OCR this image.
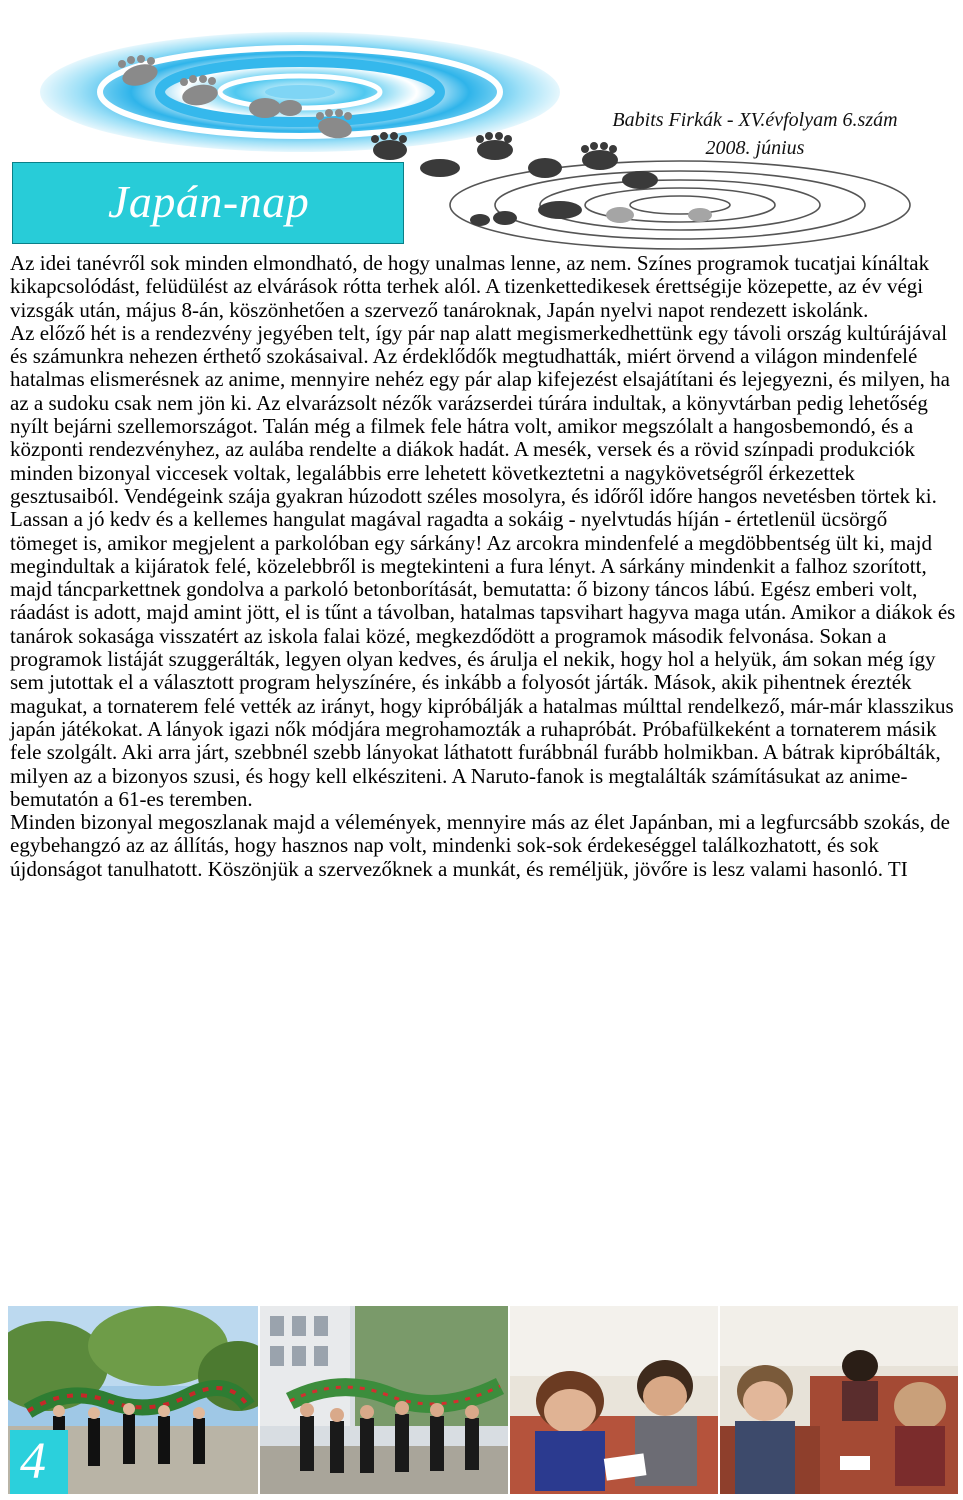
Babits Firkák - XV.évfolyam 6.szám
2008. június
Japán-nap

Az idei tanévről sok minden elmondható, de hogy unalmas lenne, az nem. Színes programok tucatjai kínáltak kikapcsolódást, felüdülést az elvárások rótta terhek alól. A tizenkettedikesek érettségije közepette, az év végi vizsgák után, május 8-án, köszönhetően a szervező tanároknak, Japán nyelvi napot rendezett iskolánk.

Az előző hét is a rendezvény jegyében telt, így pár nap alatt megismerkedhettünk egy távoli ország kultúrájával és számunkra nehezen érthető szokásaival. Az érdeklődők megtudhatták, miért örvend a világon mindenfelé hatalmas elismerésnek az anime, mennyire nehéz egy pár alap kifejezést elsajátítani és lejegyezni, és milyen, ha az a sudoku csak nem jön ki. Az elvarázsolt nézők varázserdei túrára indultak, a könyvtárban pedig lehetőség nyílt bejárni szellemországot. Talán még a filmek fele hátra volt, amikor megszólalt a hangosbemondó, és a központi rendezvényhez, az aulába rendelte a diákok hadát. A mesék, versek és a rövid színpadi produkciók minden bizonyal viccesek voltak, legalábbis erre lehetett következtetni a nagykövetségről érkezettek gesztusaiból. Vendégeink szája gyakran húzodott széles mosolyra, és időről időre hangos nevetésben törtek ki. Lassan a jó kedv és a kellemes hangulat magával ragadta a sokáig - nyelvtudás híján - értetlenül ücsörgő tömeget is, amikor megjelent a parkolóban egy sárkány! Az arcokra mindenfelé a megdöbbentség ült ki, majd megindultak a kijáratok felé, közelebbről is megtekinteni a fura lényt. A sárkány mindenkit a falhoz szorított, majd táncparkettnek gondolva a parkoló betonborítását, bemutatta: ő bizony táncos lábú. Egész emberi volt, ráadást is adott, majd amint jött, el is tűnt a távolban, hatalmas tapsvihart hagyva maga után. Amikor a diákok és tanárok sokasága visszatért az iskola falai közé, megkezdődött a programok második felvonása. Sokan a programok listáját szuggerálták, legyen olyan kedves, és árulja el nekik, hogy hol a helyük, ám sokan még így sem jutottak el a választott program helyszínére, és inkább a folyosót járták. Mások, akik pihentnek érezték magukat, a tornaterem felé vették az irányt, hogy kipróbálják a hatalmas múlttal rendelkező, már-már klasszikus japán játékokat. A lányok igazi nők módjára megrohamozták a ruhapróbát. Próbafülkeként a tornaterem másik fele szolgált. Aki arra járt, szebbnél szebb lányokat láthatott furábbnál furább holmikban. A bátrak kipróbálták, milyen az a bizonyos szusi, és hogy kell elkésziteni. A Naruto-fanok is megtalálták számításukat az anime-bemutatón a 61-es teremben.

Minden bizonyal megoszlanak majd a vélemények, mennyire más az élet Japánban, mi a legfurcsább szokás, de egybehangzó az az állítás, hogy hasznos nap volt, mindenki sok-sok érdekeséggel találkozhatott, és sok újdonságot tanulhatott. Köszönjük a szervezőknek a munkát, és reméljük, jövőre is lesz valami hasonló. TI

4
